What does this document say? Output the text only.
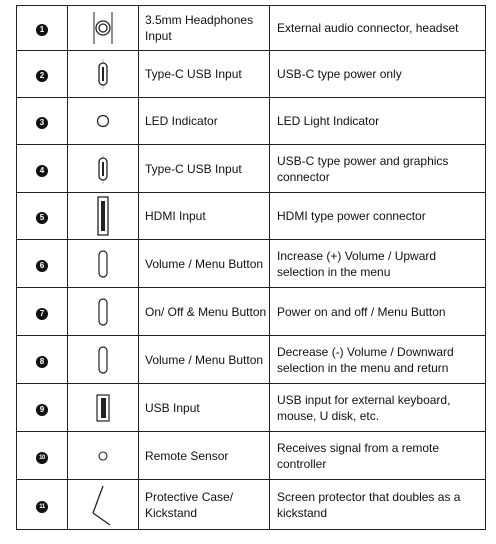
1		3.5mm Headphones Input	External audio connector, headset
2		Type-C USB Input	USB-C type power only
3		LED Indicator	LED Light Indicator
4		Type-C USB Input	USB-C type power and graphics connector
5		HDMI Input	HDMI type power connector
6		Volume / Menu Button	Increase (+) Volume / Upward selection in the menu
7		On/ Off & Menu Button	Power on and off / Menu Button
8		Volume / Menu Button	Decrease (-) Volume / Downward selection in the menu and return
9		USB Input	USB input for external keyboard, mouse, U disk, etc.
10		Remote Sensor	Receives signal from a remote controller
11		Protective Case/ Kickstand	Screen protector that doubles as a kickstand
